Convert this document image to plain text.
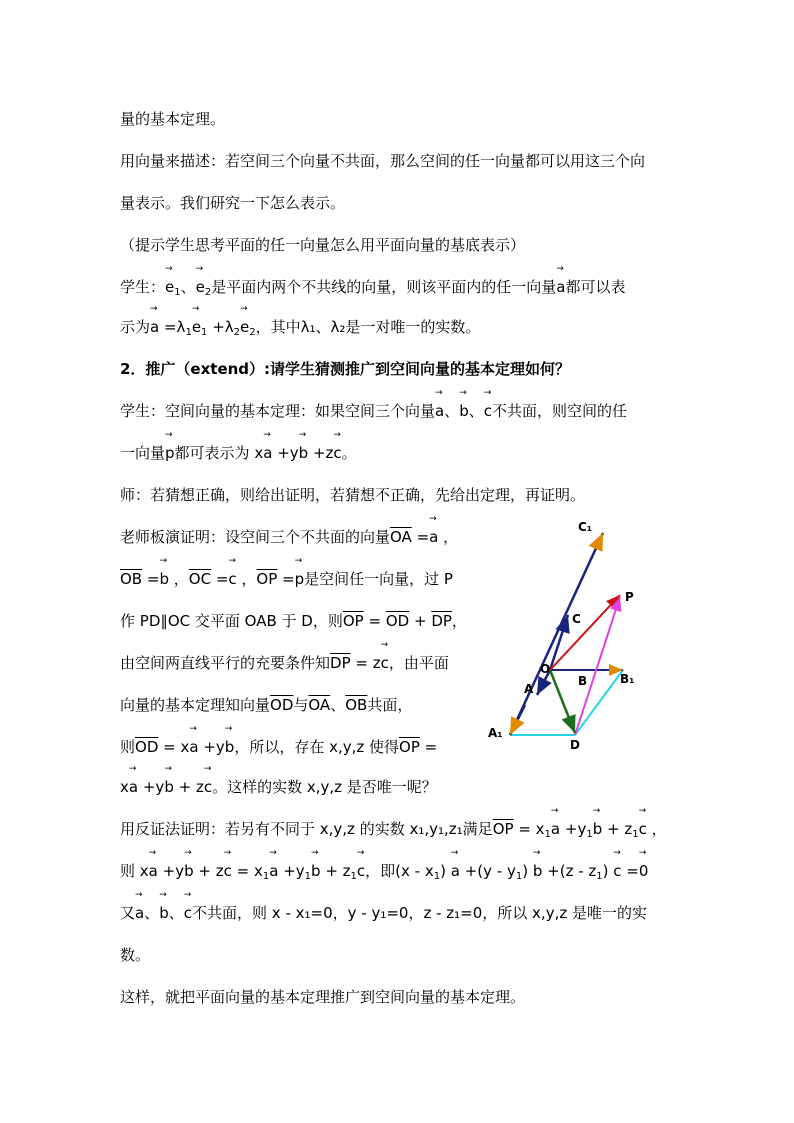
量的基本定理。
用向量来描述：若空间三个向量不共面，那么空间的任一向量都可以用这三个向
量表示。我们研究一下怎么表示。
（提示学生思考平面的任一向量怎么用平面向量的基底表示）
学生：→ $e_1$、→ $e_2$是平面内两个不共线的向量，则该平面内的任一向量→ a都可以表
示为→ $a =\lambda_1\to e_1 +\lambda_2\to e_2$，其中λ₁、λ₂是一对唯一的实数。
2．推广（extend）:请学生猜测推广到空间向量的基本定理如何？
学生：空间向量的基本定理：如果空间三个向量→ a、→ b、→ c不共面，则空间的任
一向量→ p都可表示为 x→ a +y→ b +z→ c。
师：若猜想正确，则给出证明，若猜想不正确，先给出定理，再证明。
老师板演证明：设空间三个不共面的向量$\overline{OA} =\to a$ ，
$\overline{OB} =\to b$ ，$\overline{OC} =\to c$ ，$\overline{OP} =\to p$是空间任一向量，过 P
作 PD∥OC 交平面 OAB 于 D，则$\overline{OP} = \overline{OD} + \overline{DP}$，
由空间两直线平行的充要条件知$\overline{DP} = z\to c$，由平面
向量的基本定理知向量$\overline{OD}$与$\overline{OA}$、$\overline{OB}$共面，
则$\overline{OD} = x\to a +y\to b$，所以，存在 x,y,z 使得$\overline{OP}$ =
x→ a +y→ b + z→ c。这样的实数 x,y,z 是否唯一呢？
用反证法证明：若另有不同于 x,y,z 的实数 x₁,y₁,z₁满足$\overline{OP} = x_1\to a +y_1\to b + z_1\to c$ ，
则 $x\to a +y\to b + z\to c = x_1\to a +y_1\to b + z_1\to c$，即$(x - x_1) \to a +(y - y_1) \to b +(z - z_1) \to c =\to 0$
又→ a、→ b、→ c不共面，则 x - x₁=0，y - y₁=0，z - z₁=0，所以 x,y,z 是唯一的实
数。
这样，就把平面向量的基本定理推广到空间向量的基本定理。
C₁
P
C
O
B	B₁
A
A₁
D
